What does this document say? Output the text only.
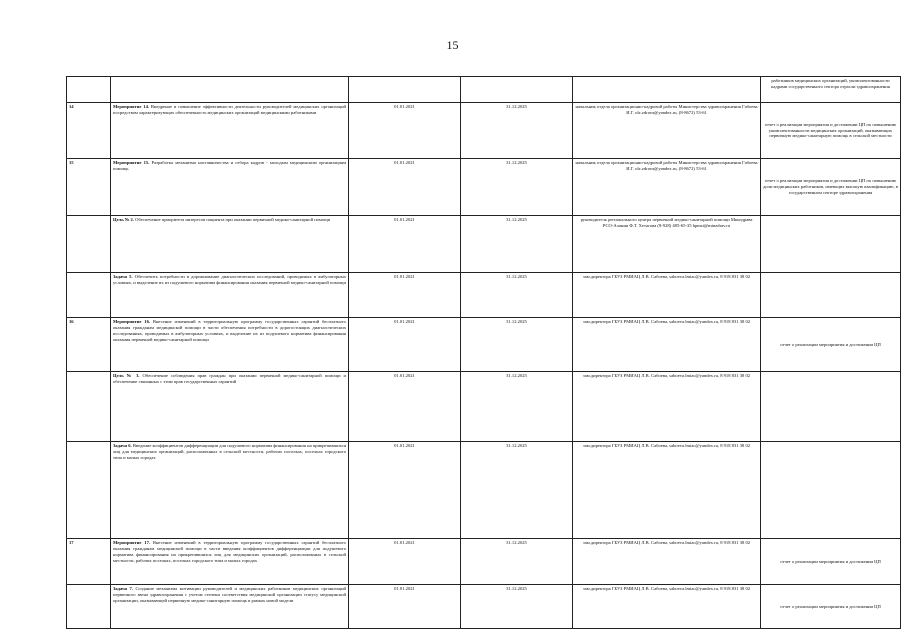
15
					работников медицинских организаций, укомплектованности кадрами государственного сектора отрасли здравоохранения
14	Мероприятие 14. Внедрение и повышение эффективности деятельности руководителей медицинских организаций посредством характеризующих обеспеченность медицинских организаций медицинскими работниками	01.01.2021	31.12.2025	начальник отдела организационно-кадровой работы Министерства здравоохранения Габоева И.Г. olz.zdrava@yandex.ru, (8-8672) 53-61	отчет о реализации мероприятия и достижении ЦП по повышению укомплектованности медицинских организаций, оказывающих первичную медико-санитарную помощь в сельской местности
15	Мероприятие 15. Разработка механизма наставничества и отбора кадров - молодым медицинским организациям помощь	01.01.2021	31.12.2025	начальник отдела организационно-кадровой работы Министерства здравоохранения Габоева И.Г. olz.zdrava@yandex.ru, (8-8672) 53-61	отчет о реализации мероприятия и достижении ЦП по повышению доли медицинских работников, имеющих высокую квалификацию, в государственном секторе здравоохранения
	Цель № 2. Обеспечение приоритета интересов пациента при оказании первичной медико-санитарной помощи	01.01.2021	31.12.2025	руководитель регионального центра первичной медико-санитарной помощи Минздрава РСО-Алания Ф.Т. Хетагова (8-928) 485-65-35 hpmsi@minzdrav.ru	
	Задача 5. Обеспечить потребности в дорожнование диагностических исследований, проводимых в амбулаторных условиях, и выделение их из подушевого норматива финансирования оказания первичной медико-санитарной помощи	01.01.2021	31.12.2025	зам.директора ГБУЗ РМИАЦ Л.В. Сабоева, saboeva.lmiac@yandex.ru, 8 918 831 38 02	
16	Мероприятие 16. Внесение изменений в территориальную программу государственных гарантий бесплатного оказания гражданам медицинской помощи в части обеспечения потребности в дорогостоящих диагностических исследованиях, проводимых в амбулаторных условиях, и выделение их из подушевого норматива финансирования оказания первичной медико-санитарной помощи	01.01.2021	31.12.2025	зам.директора ГБУЗ РМИАЦ Л.В. Сабоева, saboeva.lmiac@yandex.ru, 8 918 831 38 02	отчет о реализации мероприятия и достижении ЦП
	Цель № 3. Обеспечение соблюдения прав граждан при оказании первичной медико-санитарной помощи и обеспечение связанных с этим прав государственных гарантий	01.01.2021	31.12.2025	зам.директора ГБУЗ РМИАЦ Л.В. Сабоева, saboeva.lmiac@yandex.ru, 8 918 831 38 02	
	Задача 6. Введение коэффициентов дифференциации для подушевого норматива финансирования на прикрепившихся лиц для медицинских организаций, расположенных в сельской местности, рабочих поселках, поселках городского типа и малых городах	01.01.2021	31.12.2025	зам.директора ГБУЗ РМИАЦ Л.В. Сабоева, saboeva.lmiac@yandex.ru, 8 918 831 38 02	
17	Мероприятие 17. Внесение изменений в территориальную программу государственных гарантий бесплатного оказания гражданам медицинской помощи в части введения коэффициентов дифференциации для подушевого норматива финансирования на прикрепившихся лиц для медицинских организаций, расположенных в сельской местности, рабочих поселках, поселках городского типа и малых городах	01.01.2021	31.12.2025	зам.директора ГБУЗ РМИАЦ Л.В. Сабоева, saboeva.lmiac@yandex.ru, 8 918 831 38 02	отчет о реализации мероприятия и достижении ЦП
	Задача 7. Создание механизма мотивации руководителей и медицинских работников медицинских организаций первичного звена здравоохранения с учетом степени соответствия медицинской организации статусу медицинской организации, оказывающей первичную медико-санитарную помощь в рамках новой модели	01.01.2021	31.12.2025	зам.директора ГБУЗ РМИАЦ Л.В. Сабоева, saboeva.lmiac@yandex.ru, 8 918 831 38 02	отчет о реализации мероприятия и достижении ЦП
